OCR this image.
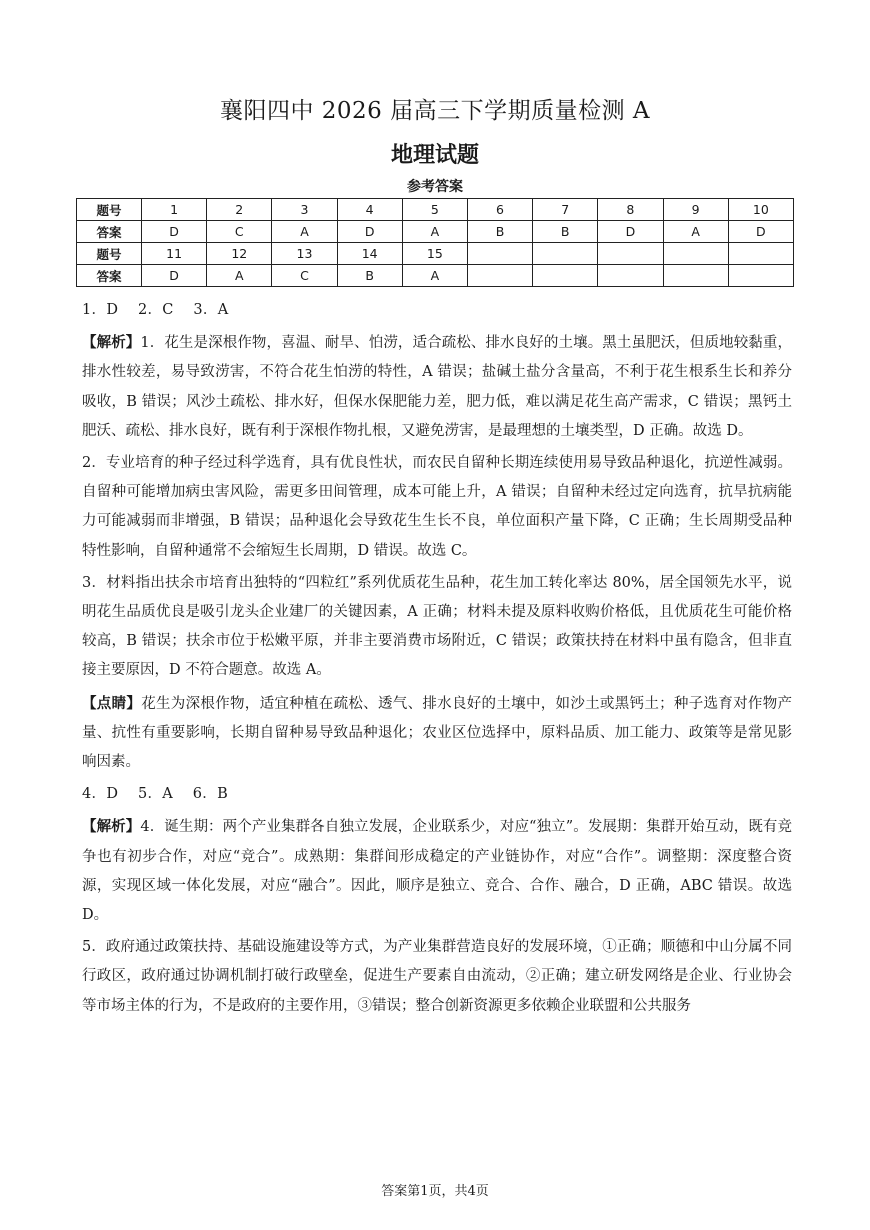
襄阳四中 2026 届高三下学期质量检测 A
地理试题
参考答案
题号	1	2	3	4	5	6	7	8	9	10
答案	D	C	A	D	A	B	B	D	A	D
题号	11	12	13	14	15					
答案	D	A	C	B	A					

1．D　 2．C　 3．A

【解析】1．花生是深根作物，喜温、耐旱、怕涝，适合疏松、排水良好的土壤。黑土虽肥沃，但质地较黏重，排水性较差，易导致涝害，不符合花生怕涝的特性，A 错误；盐碱土盐分含量高，不利于花生根系生长和养分吸收，B 错误；风沙土疏松、排水好，但保水保肥能力差，肥力低，难以满足花生高产需求，C 错误；黑钙土肥沃、疏松、排水良好，既有利于深根作物扎根，又避免涝害，是最理想的土壤类型，D 正确。故选 D。

2．专业培育的种子经过科学选育，具有优良性状，而农民自留种长期连续使用易导致品种退化，抗逆性减弱。自留种可能增加病虫害风险，需更多田间管理，成本可能上升，A 错误；自留种未经过定向选育，抗旱抗病能力可能减弱而非增强，B 错误；品种退化会导致花生生长不良，单位面积产量下降，C 正确；生长周期受品种特性影响，自留种通常不会缩短生长周期，D 错误。故选 C。

3．材料指出扶余市培育出独特的“四粒红”系列优质花生品种，花生加工转化率达 80%，居全国领先水平，说明花生品质优良是吸引龙头企业建厂的关键因素，A 正确；材料未提及原料收购价格低，且优质花生可能价格较高，B 错误；扶余市位于松嫩平原，并非主要消费市场附近，C 错误；政策扶持在材料中虽有隐含，但非直接主要原因，D 不符合题意。故选 A。

【点睛】花生为深根作物，适宜种植在疏松、透气、排水良好的土壤中，如沙土或黑钙土；种子选育对作物产量、抗性有重要影响，长期自留种易导致品种退化；农业区位选择中，原料品质、加工能力、政策等是常见影响因素。

4．D　 5．A　 6．B

【解析】4．诞生期：两个产业集群各自独立发展，企业联系少，对应“独立”。发展期：集群开始互动，既有竞争也有初步合作，对应“竞合”。成熟期：集群间形成稳定的产业链协作，对应“合作”。调整期：深度整合资源，实现区域一体化发展，对应“融合”。因此，顺序是独立、竞合、合作、融合，D 正确，ABC 错误。故选 D。

5．政府通过政策扶持、基础设施建设等方式，为产业集群营造良好的发展环境，①正确；顺德和中山分属不同行政区，政府通过协调机制打破行政壁垒，促进生产要素自由流动，②正确；建立研发网络是企业、行业协会等市场主体的行为，不是政府的主要作用，③错误；整合创新资源更多依赖企业联盟和公共服务

答案第1页，共4页
